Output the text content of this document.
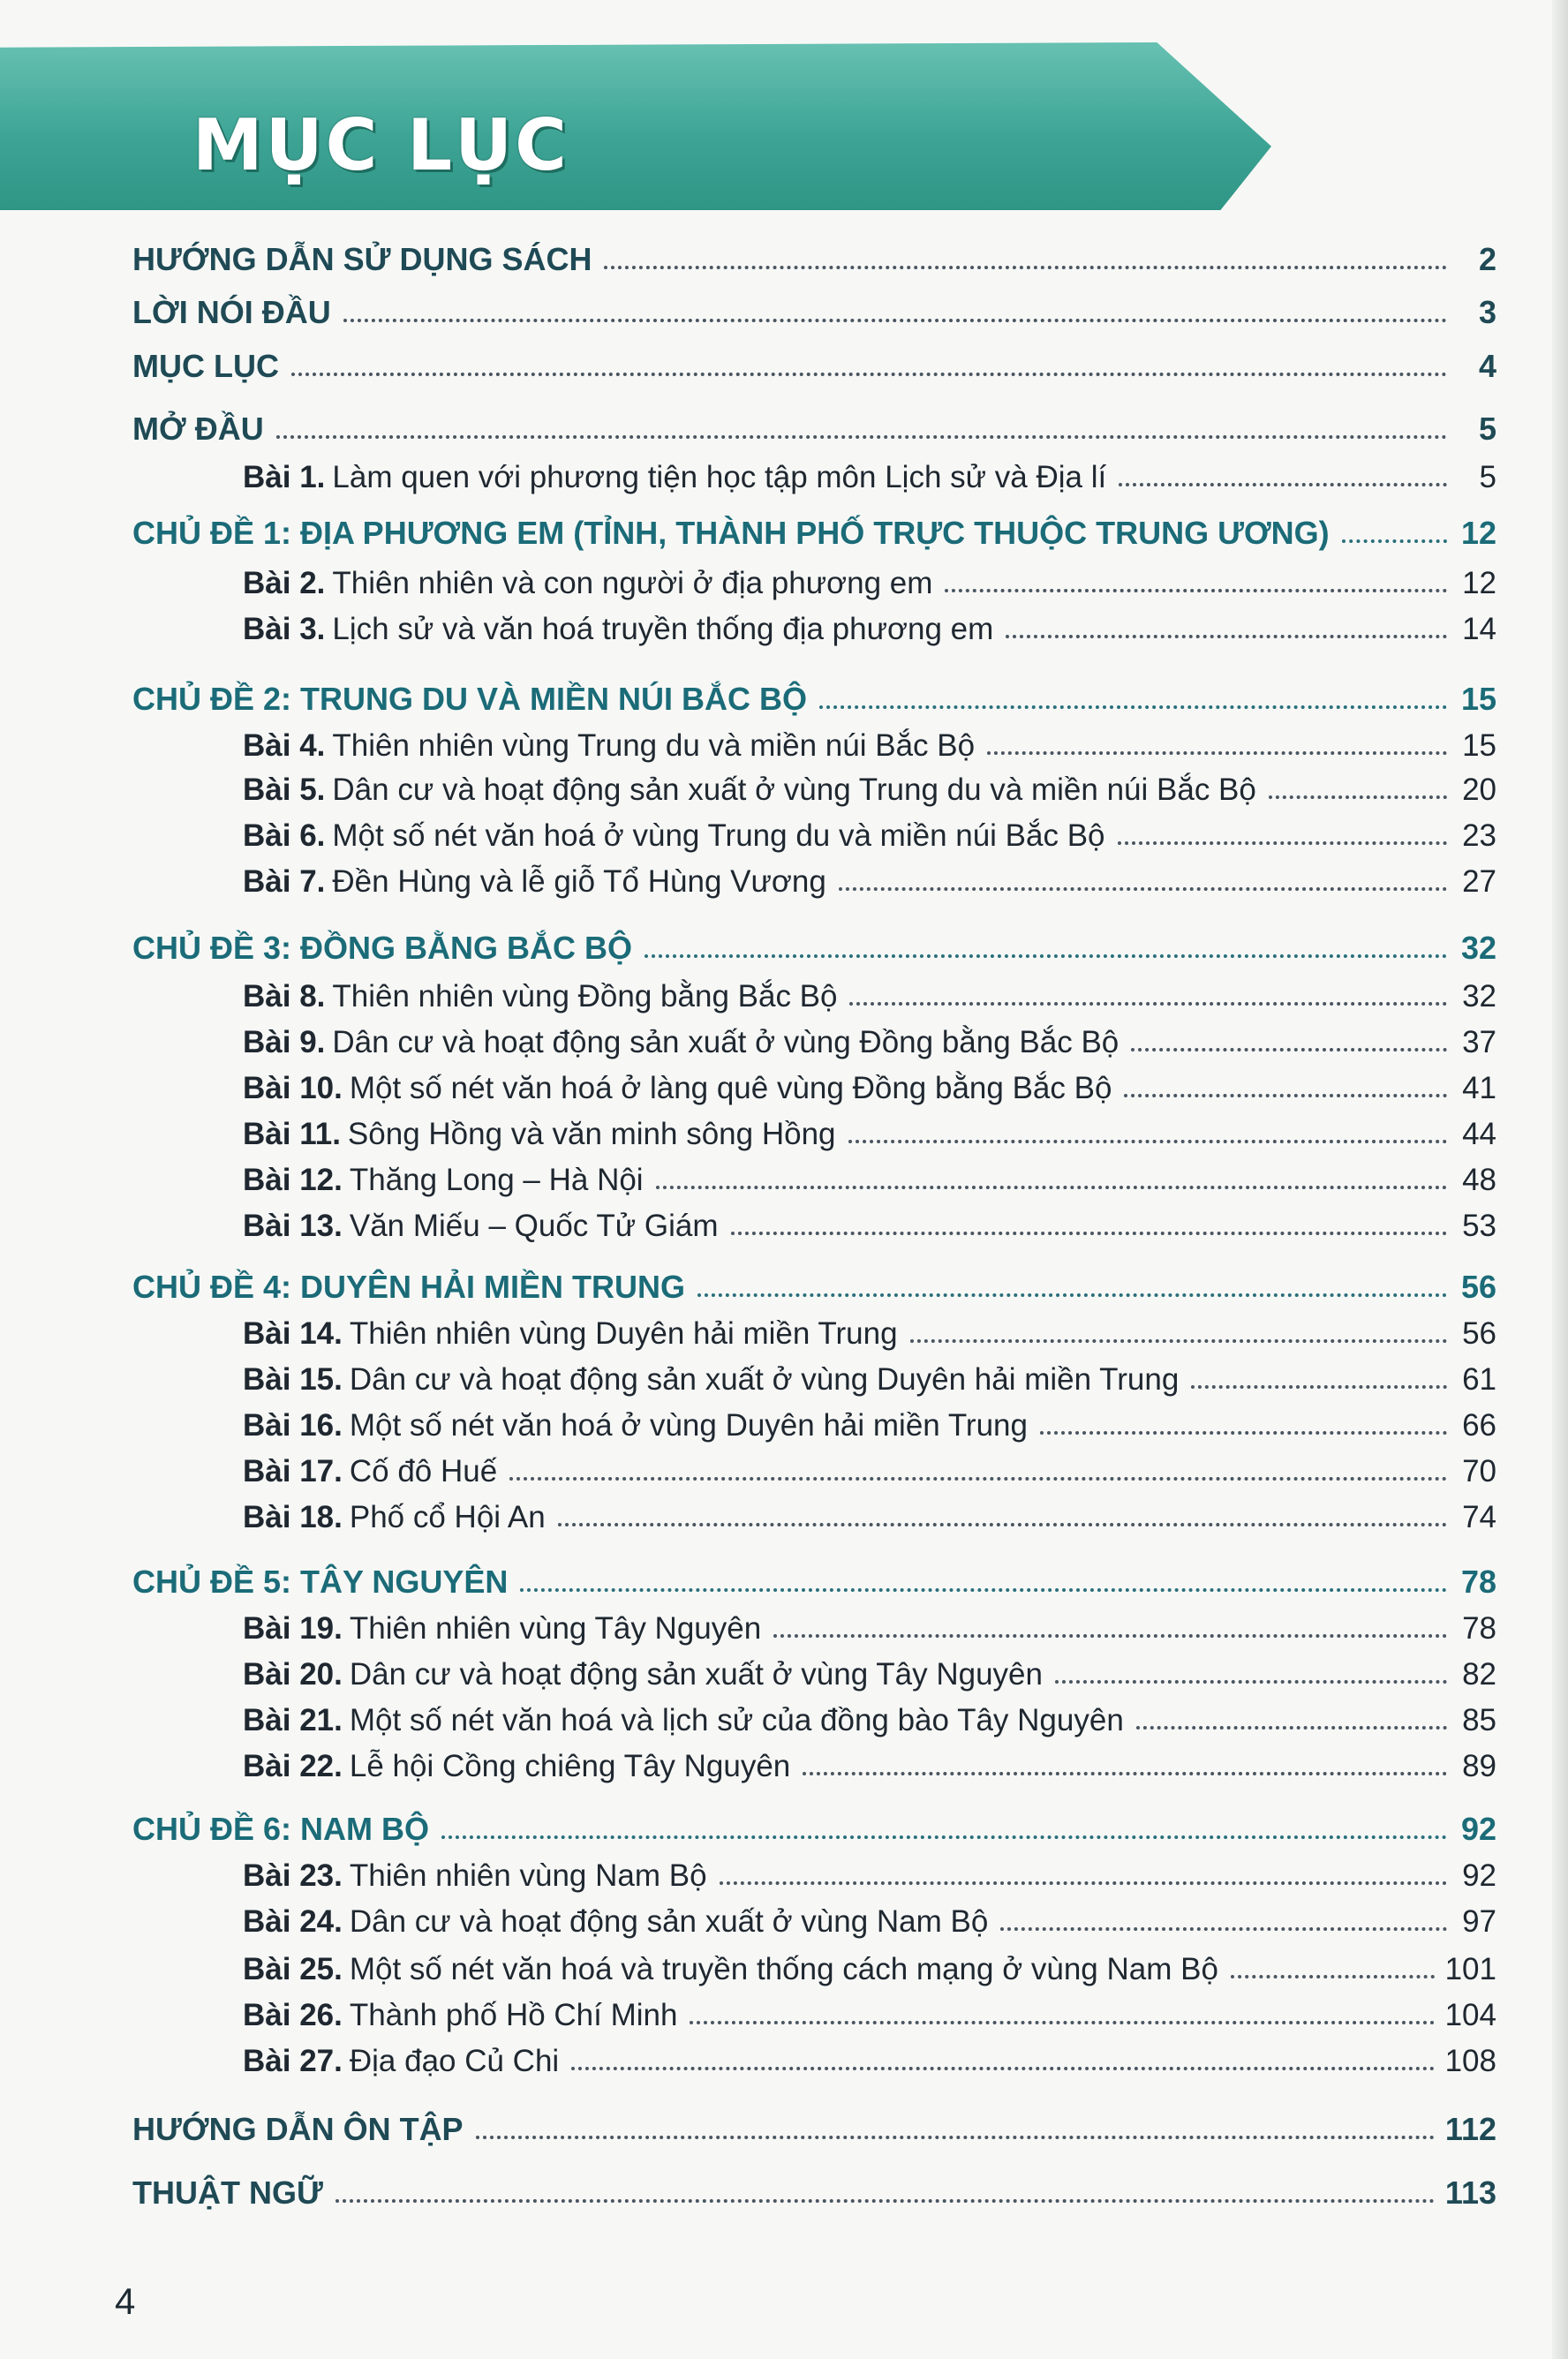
MỤC LỤC
HƯỚNG DẪN SỬ DỤNG SÁCH	2
LỜI NÓI ĐẦU	3
MỤC LỤC	4
MỞ ĐẦU	5
Bài 1. Làm quen với phương tiện học tập môn Lịch sử và Địa lí	5
CHỦ ĐỀ 1: ĐỊA PHƯƠNG EM (TỈNH, THÀNH PHỐ TRỰC THUỘC TRUNG ƯƠNG)	12
Bài 2. Thiên nhiên và con người ở địa phương em	12
Bài 3. Lịch sử và văn hoá truyền thống địa phương em	14
CHỦ ĐỀ 2: TRUNG DU VÀ MIỀN NÚI BẮC BỘ	15
Bài 4. Thiên nhiên vùng Trung du và miền núi Bắc Bộ	15
Bài 5. Dân cư và hoạt động sản xuất ở vùng Trung du và miền núi Bắc Bộ	20
Bài 6. Một số nét văn hoá ở vùng Trung du và miền núi Bắc Bộ	23
Bài 7. Đền Hùng và lễ giỗ Tổ Hùng Vương	27
CHỦ ĐỀ 3: ĐỒNG BẰNG BẮC BỘ	32
Bài 8. Thiên nhiên vùng Đồng bằng Bắc Bộ	32
Bài 9. Dân cư và hoạt động sản xuất ở vùng Đồng bằng Bắc Bộ	37
Bài 10. Một số nét văn hoá ở làng quê vùng Đồng bằng Bắc Bộ	41
Bài 11. Sông Hồng và văn minh sông Hồng	44
Bài 12. Thăng Long – Hà Nội	48
Bài 13. Văn Miếu – Quốc Tử Giám	53
CHỦ ĐỀ 4: DUYÊN HẢI MIỀN TRUNG	56
Bài 14. Thiên nhiên vùng Duyên hải miền Trung	56
Bài 15. Dân cư và hoạt động sản xuất ở vùng Duyên hải miền Trung	61
Bài 16. Một số nét văn hoá ở vùng Duyên hải miền Trung	66
Bài 17. Cố đô Huế	70
Bài 18. Phố cổ Hội An	74
CHỦ ĐỀ 5: TÂY NGUYÊN	78
Bài 19. Thiên nhiên vùng Tây Nguyên	78
Bài 20. Dân cư và hoạt động sản xuất ở vùng Tây Nguyên	82
Bài 21. Một số nét văn hoá và lịch sử của đồng bào Tây Nguyên	85
Bài 22. Lễ hội Cồng chiêng Tây Nguyên	89
CHỦ ĐỀ 6: NAM BỘ	92
Bài 23. Thiên nhiên vùng Nam Bộ	92
Bài 24. Dân cư và hoạt động sản xuất ở vùng Nam Bộ	97
Bài 25. Một số nét văn hoá và truyền thống cách mạng ở vùng Nam Bộ	101
Bài 26. Thành phố Hồ Chí Minh	104
Bài 27. Địa đạo Củ Chi	108
HƯỚNG DẪN ÔN TẬP	112
THUẬT NGỮ	113
4
